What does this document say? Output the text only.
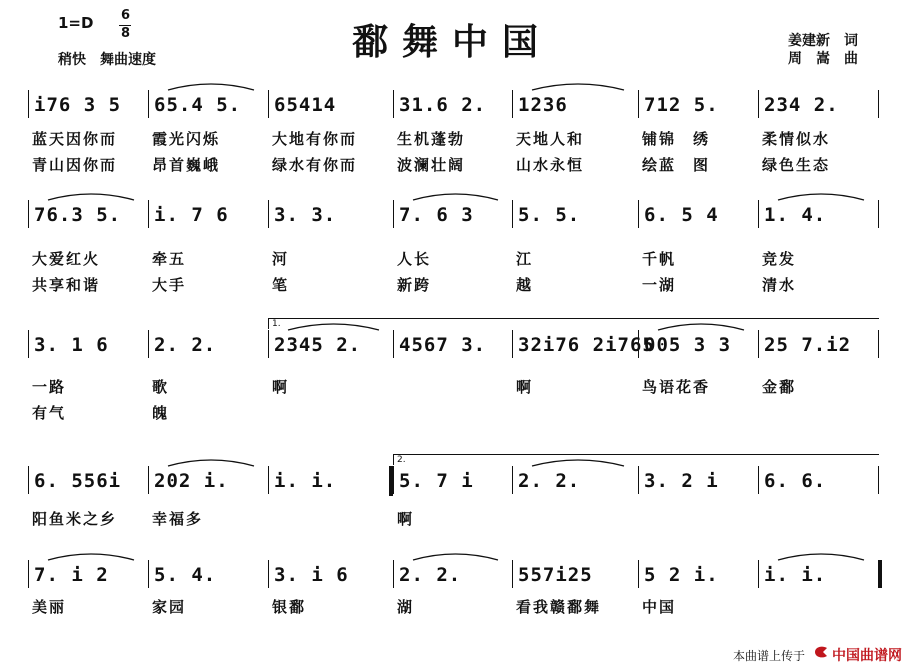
1=D 6
8
稍快　舞曲速度	鄱舞中国	姜建新　词
周　嵩　曲
i76 3 5 65.4 5. 65414	31.6 2. 1236	712 5. 234 2.
蓝天因你而 霞光闪烁	大地有你而	生机蓬勃	天地人和	铺锦　绣	柔情似水
青山因你而 昂首巍峨	绿水有你而	波澜壮阔	山水永恒	绘蓝　图	绿色生态
76.3 5. i. 7 6 3. 3.	7. 6 3 5. 5.	6. 5 4 1. 4.
大爱红火	牵五	河	人长	江	千帆	竞发
共享和谐	大手	笔	新跨	越	一湖	清水
3. 1 6 2. 2.	2345 2. 4567 3. 32i76 2i765
005 3 3 25 7.i2
一路	歌	啊	啊	鸟语花香	金鄱
有气	魄
1.
6. 556i 202 i. i. i.	5. 7 i 2. 2.	3. 2 i 6. 6.
阳鱼米之乡 幸福多	啊
2.
7. i 2 5. 4.	3. i 6	2. 2.	557i25	5 2 i. i. i.
美丽	家园	银鄱	湖	看我赣鄱舞	中国
本曲谱上传于 中国曲谱网
